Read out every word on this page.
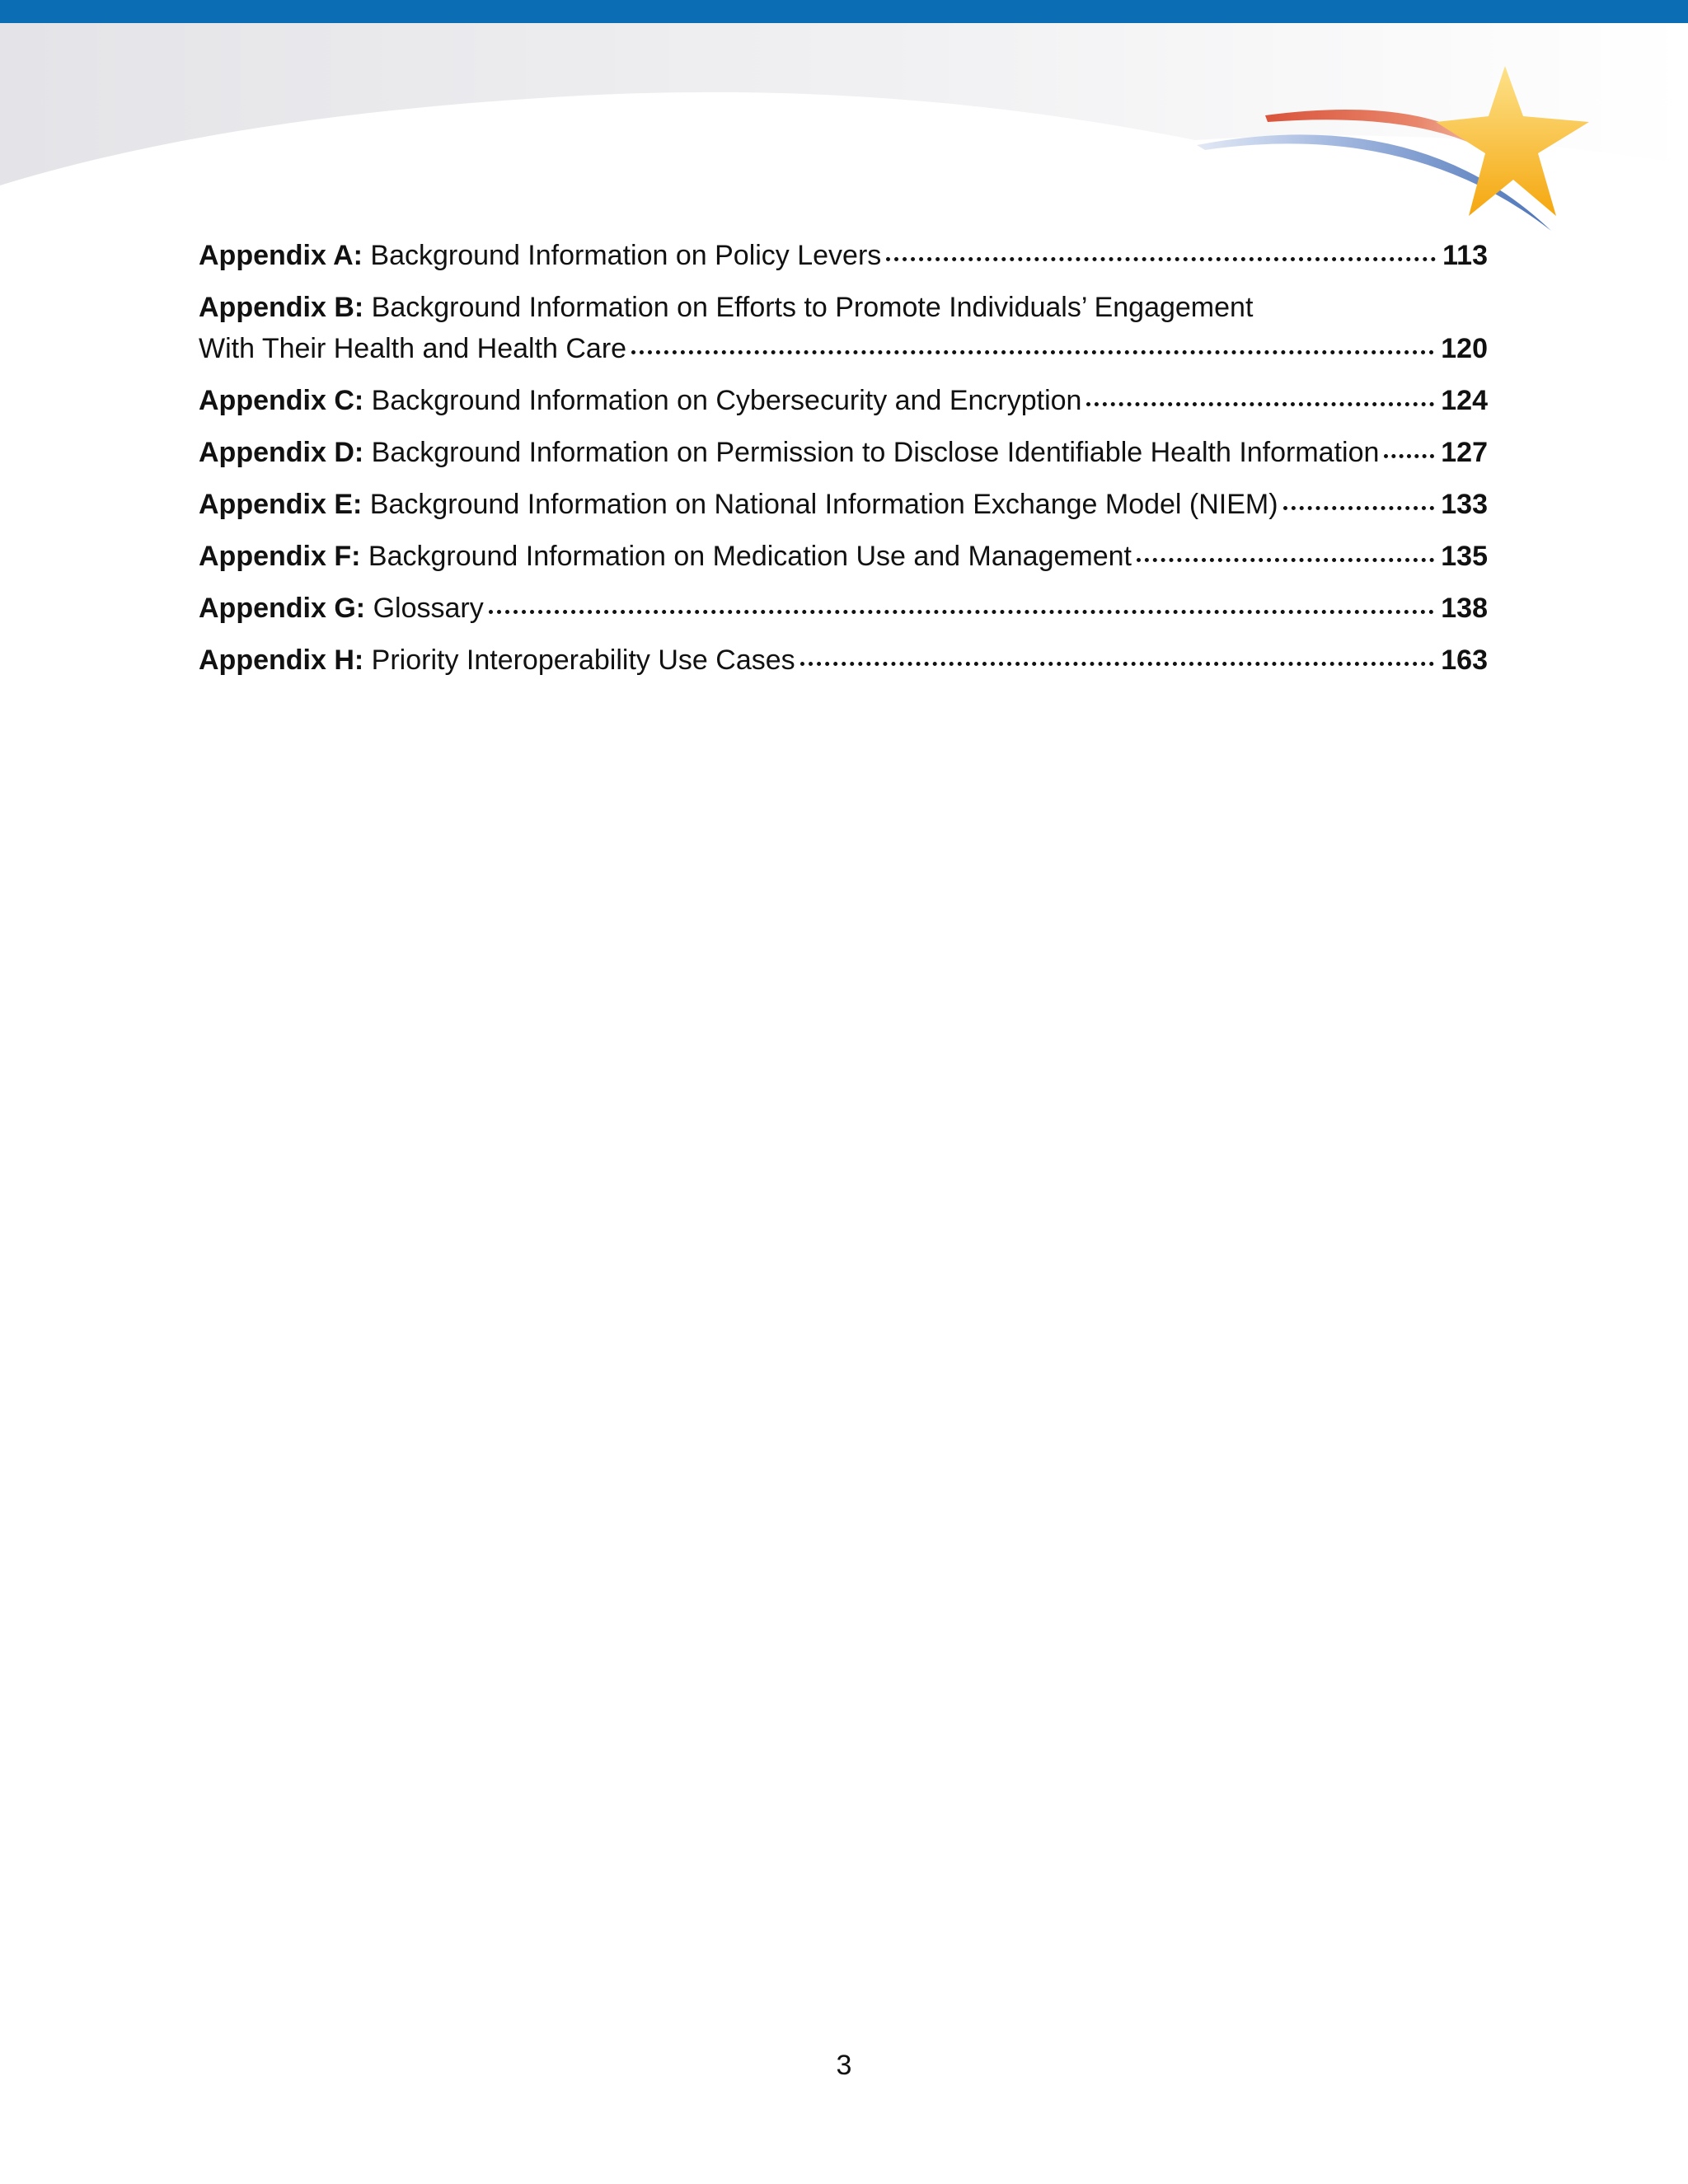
Appendix A:
Background Information on Policy Levers	113
Appendix B:
Background Information on Efforts to Promote Individuals’ Engagement
With Their Health and Health Care	120
Appendix C:
Background Information on Cybersecurity and Encryption	124
Appendix D:
Background Information on Permission to Disclose Identifiable Health Information 127
Appendix E:
Background Information on National Information Exchange Model (NIEM)	133
Appendix F:
Background Information on Medication Use and Management	135
Appendix G:
Glossary	138
Appendix H:
Priority Interoperability Use Cases	163
3
